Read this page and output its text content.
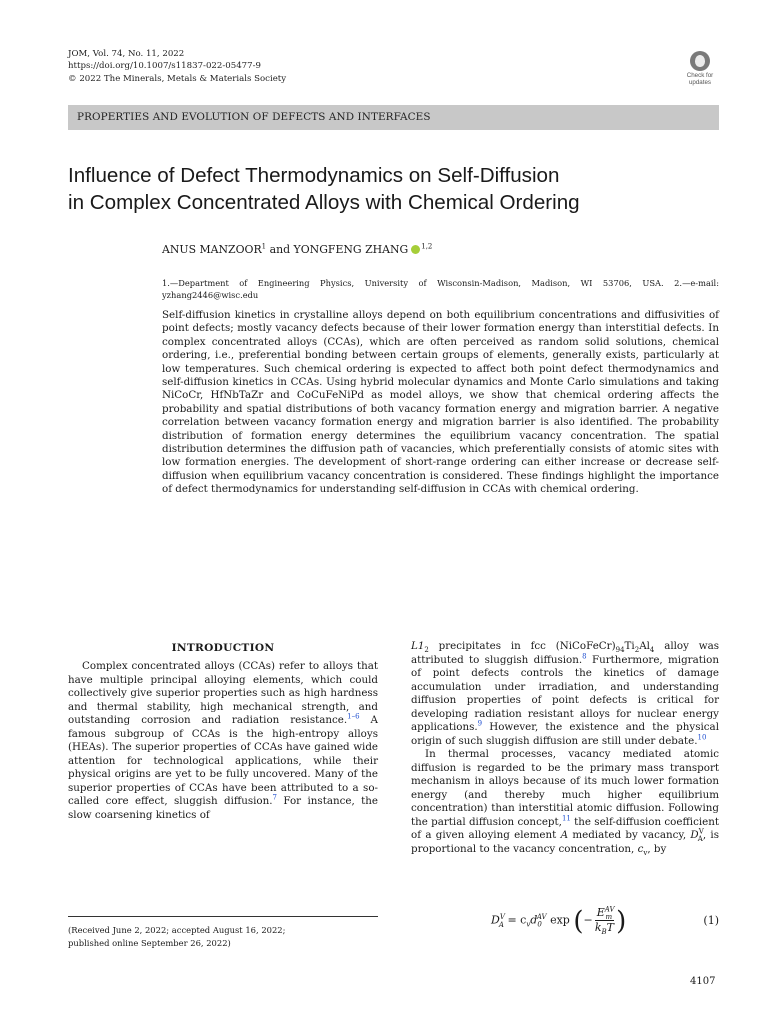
JOM, Vol. 74, No. 11, 2022
https://doi.org/10.1007/s11837-022-05477-9
© 2022 The Minerals, Metals & Materials Society	Check for
updates
PROPERTIES AND EVOLUTION OF DEFECTS AND INTERFACES
Influence of Defect Thermodynamics on Self-Diffusion
in Complex Concentrated Alloys with Chemical Ordering
ANUS MANZOOR$^1$ and YONGFENG ZHANG $^{1,2}$
1.—Department of Engineering Physics, University of Wisconsin-Madison, Madison, WI 53706, USA. 2.—e-mail: yzhang2446@wisc.edu
Self-diffusion kinetics in crystalline alloys depend on both equilibrium concentrations and diffusivities of point defects; mostly vacancy defects because of their lower formation energy than interstitial defects. In complex concentrated alloys (CCAs), which are often perceived as random solid solutions, chemical ordering, i.e., preferential bonding between certain groups of elements, generally exists, particularly at low temperatures. Such chemical ordering is expected to affect both point defect thermodynamics and self-diffusion kinetics in CCAs. Using hybrid molecular dynamics and Monte Carlo simulations and taking NiCoCr, HfNbTaZr and CoCuFeNiPd as model alloys, we show that chemical ordering affects the probability and spatial distributions of both vacancy formation energy and migration barrier. A negative correlation between vacancy formation energy and migration barrier is also identified. The probability distribution of formation energy determines the equilibrium vacancy concentration. The spatial distribution determines the diffusion path of vacancies, which preferentially consists of atomic sites with low formation energies. The development of short-range ordering can either increase or decrease self-diffusion when equilibrium vacancy concentration is considered. These findings highlight the importance of defect thermodynamics for understanding self-diffusion in CCAs with chemical ordering.
INTRODUCTION

Complex concentrated alloys (CCAs) refer to alloys that have multiple principal alloying elements, which could collectively give superior properties such as high hardness and thermal stability, high mechanical strength, and outstanding corrosion and radiation resistance.$^{1-6}$ A famous subgroup of CCAs is the high-entropy alloys (HEAs). The superior properties of CCAs have gained wide attention for technological applications, while their physical origins are yet to be fully uncovered. Many of the superior properties of CCAs have been attributed to a so-called core effect, sluggish diffusion.$^7$ For instance, the slow coarsening kinetics of

$L1_2$ precipitates in fcc $(NiCoFeCr)_{94}Ti_2Al_4$ alloy was attributed to sluggish diffusion.$^8$ Furthermore, migration of point defects controls the kinetics of damage accumulation under irradiation, and understanding diffusion properties of point defects is critical for developing radiation resistant alloys for nuclear energy applications.$^9$ However, the existence and the physical origin of such sluggish diffusion are still under debate.$^{10}$

In thermal processes, vacancy mediated atomic diffusion is regarded to be the primary mass transport mechanism in alloys because of its much lower formation energy (and thereby much higher equilibrium concentration) than interstitial atomic diffusion. Following the partial diffusion concept,$^{11}$ the self-diffusion coefficient of a given alloying element A mediated by vacancy, $D^V_A$, is proportional to the vacancy concentration, $c_v$, by

$D^V_A = c_vd_0^{AV}$ exp (− $\frac{E^{AV}_m}{k_BT}$ )	(1)
(Received June 2, 2022; accepted August 16, 2022;
published online September 26, 2022)
4107
